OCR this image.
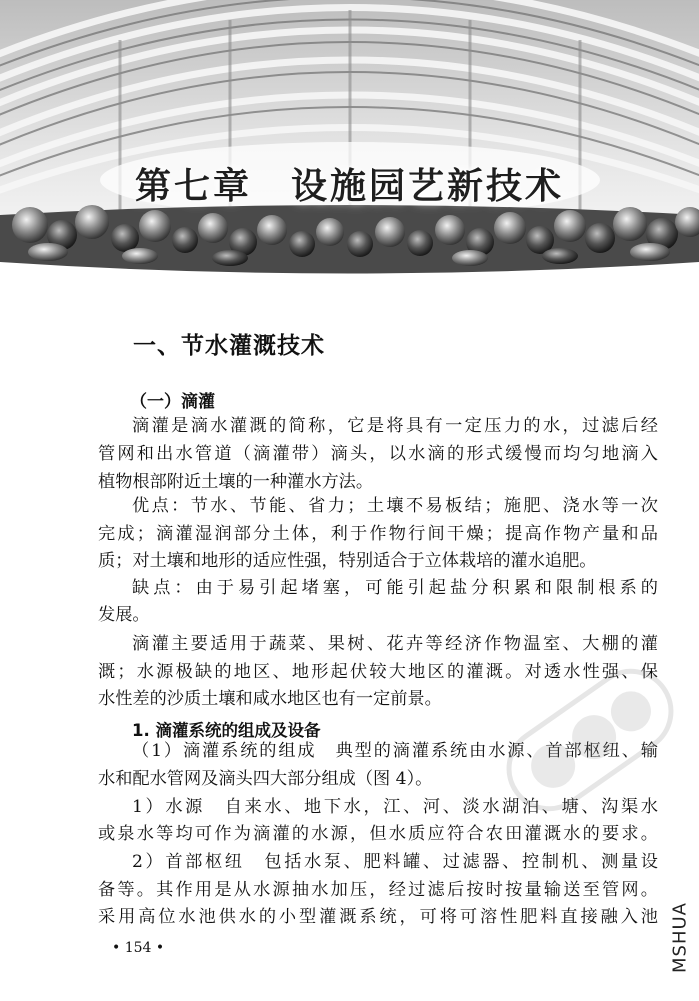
第七章　设施园艺新技术
一、节水灌溉技术
（一）滴灌
滴灌是滴水灌溉的简称，它是将具有一定压力的水，过滤后经
管网和出水管道（滴灌带）滴头，以水滴的形式缓慢而均匀地滴入
植物根部附近土壤的一种灌水方法。
优点：节水、节能、省力；土壤不易板结；施肥、浇水等一次
完成；滴灌湿润部分土体，利于作物行间干燥；提高作物产量和品
质；对土壤和地形的适应性强，特别适合于立体栽培的灌水追肥。
缺点：由于易引起堵塞，可能引起盐分积累和限制根系的
发展。
滴灌主要适用于蔬菜、果树、花卉等经济作物温室、大棚的灌
溉；水源极缺的地区、地形起伏较大地区的灌溉。对透水性强、保
水性差的沙质土壤和咸水地区也有一定前景。
1. 滴灌系统的组成及设备
（1）滴灌系统的组成　典型的滴灌系统由水源、首部枢纽、输
水和配水管网及滴头四大部分组成（图 4）。
1）水源　自来水、地下水，江、河、淡水湖泊、塘、沟渠水
或泉水等均可作为滴灌的水源，但水质应符合农田灌溉水的要求。
2）首部枢纽　包括水泵、肥料罐、过滤器、控制机、测量设
备等。其作用是从水源抽水加压，经过滤后按时按量输送至管网。
采用高位水池供水的小型灌溉系统，可将可溶性肥料直接融入池
• 154 •	MSHUA
